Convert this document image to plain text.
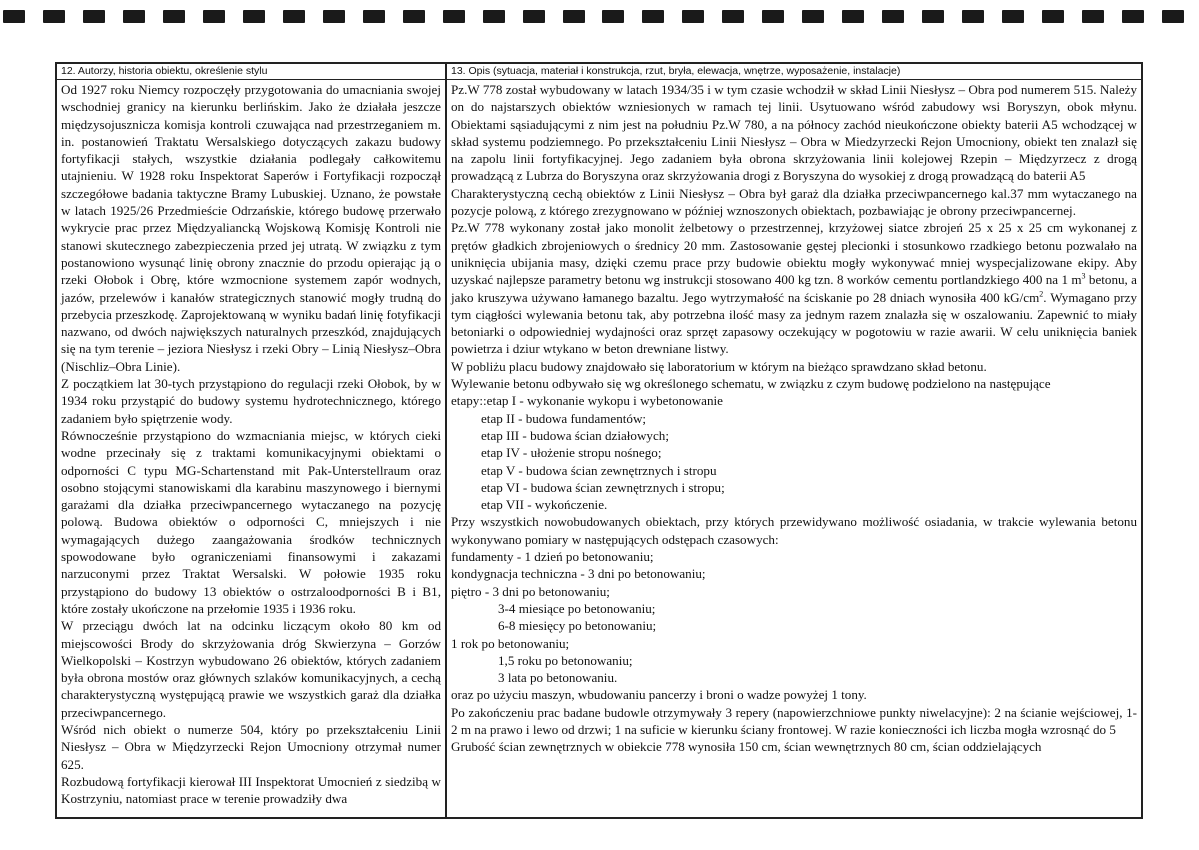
12. Autorzy, historia obiektu, określenie stylu

Od 1927 roku Niemcy rozpoczęły przygotowania do umacniania swojej wschodniej granicy na kierunku berlińskim. Jako że działała jeszcze międzysojusznicza komisja kontroli czuwająca nad przestrzeganiem m. in. postanowień Traktatu Wersalskiego dotyczących zakazu budowy fortyfikacji stałych, wszystkie działania podlegały całkowitemu utajnieniu. W 1928 roku Inspektorat Saperów i Fortyfikacji rozpoczął szczegółowe badania taktyczne Bramy Lubuskiej. Uznano, że powstałe w latach 1925/26 Przedmieście Odrzańskie, którego budowę przerwało wykrycie prac przez Międzyaliancką Wojskową Komisję Kontroli nie stanowi skutecznego zabezpieczenia przed jej utratą. W związku z tym postanowiono wysunąć linię obrony znacznie do przodu opierając ją o rzeki Ołobok i Obrę, które wzmocnione systemem zapór wodnych, jazów, przelewów i kanałów strategicznych stanowić mogły trudną do przebycia przeszkodę. Zaprojektowaną w wyniku badań linię fotyfikacji nazwano, od dwóch największych naturalnych przeszkód, znajdujących się na tym terenie – jeziora Niesłysz i rzeki Obry – Linią Niesłysz–Obra (Nischliz–Obra Linie).

Z początkiem lat 30-tych przystąpiono do regulacji rzeki Ołobok, by w 1934 roku przystąpić do budowy systemu hydrotechnicznego, którego zadaniem było spiętrzenie wody.

Równocześnie przystąpiono do wzmacniania miejsc, w których cieki wodne przecinały się z traktami komunikacyjnymi obiektami o odporności C typu MG-Schartenstand mit Pak-Unterstellraum oraz osobno stojącymi stanowiskami dla karabinu maszynowego i biernymi garażami dla działka przeciwpancernego wytaczanego na pozycję polową. Budowa obiektów o odporności C, mniejszych i nie wymagających dużego zaangażowania środków technicznych spowodowane było ograniczeniami finansowymi i zakazami narzuconymi przez Traktat Wersalski. W połowie 1935 roku przystąpiono do budowy 13 obiektów o ostrzaloodporności B i B1, które zostały ukończone na przełomie 1935 i 1936 roku.

W przeciągu dwóch lat na odcinku liczącym około 80 km od miejscowości Brody do skrzyżowania dróg Skwierzyna – Gorzów Wielkopolski – Kostrzyn wybudowano 26 obiektów, których zadaniem była obrona mostów oraz głównych szlaków komunikacyjnych, a cechą charakterystyczną występującą prawie we wszystkich garaż dla działka przeciwpancernego.

Wśród nich obiekt o numerze 504, który po przekształceniu Linii Niesłysz – Obra w Międzyrzecki Rejon Umocniony otrzymał numer 625.

Rozbudową fortyfikacji kierował III Inspektorat Umocnień z siedzibą w Kostrzyniu, natomiast prace w terenie prowadziły dwa

13. Opis (sytuacja, materiał i konstrukcja, rzut, bryła, elewacja, wnętrze, wyposażenie, instalacje)

Pz.W 778 został wybudowany w latach 1934/35 i w tym czasie wchodził w skład Linii Niesłysz – Obra pod numerem 515. Należy on do najstarszych obiektów wzniesionych w ramach tej linii. Usytuowano wśród zabudowy wsi Boryszyn, obok młynu. Obiektami sąsiadującymi z nim jest na południu Pz.W 780, a na północy zachód nieukończone obiekty baterii A5 wchodzącej w skład systemu podziemnego. Po przekształceniu Linii Niesłysz – Obra w Miedzyrzecki Rejon Umocniony, obiekt ten znalazł się na zapolu linii fortyfikacyjnej. Jego zadaniem była obrona skrzyżowania linii kolejowej Rzepin – Międzyrzecz z drogą prowadzącą z Lubrza do Boryszyna oraz skrzyżowania drogi z Boryszyna do wysokiej z drogą prowadzącą do baterii A5

Charakterystyczną cechą obiektów z Linii Niesłysz – Obra był garaż dla działka przeciwpancernego kal.37 mm wytaczanego na pozycje polową, z którego zrezygnowano w później wznoszonych obiektach, pozbawiając je obrony przeciwpancernej.

Pz.W 778 wykonany został jako monolit żelbetowy o przestrzennej, krzyżowej siatce zbrojeń 25 x 25 x 25 cm wykonanej z prętów gładkich zbrojeniowych o średnicy 20 mm. Zastosowanie gęstej plecionki i stosunkowo rzadkiego betonu pozwalało na uniknięcia ubijania masy, dzięki czemu prace przy budowie obiektu mogły wykonywać mniej wyspecjalizowane ekipy. Aby uzyskać najlepsze parametry betonu wg instrukcji stosowano 400 kg tzn. 8 worków cementu portlandzkiego 400 na 1 $m^3$ betonu, a jako kruszywa używano łamanego bazaltu. Jego wytrzymałość na ściskanie po 28 dniach wynosiła 400 $kG/cm^2$. Wymagano przy tym ciągłości wylewania betonu tak, aby potrzebna ilość masy za jednym razem znalazła się w oszalowaniu. Zapewnić to miały betoniarki o odpowiedniej wydajności oraz sprzęt zapasowy oczekujący w pogotowiu w razie awarii. W celu uniknięcia baniek powietrza i dziur wtykano w beton drewniane listwy.

W pobliżu placu budowy znajdowało się laboratorium w którym na bieżąco sprawdzano skład betonu.

Wylewanie betonu odbywało się wg określonego schematu, w związku z czym budowę podzielono na następujące

etapy::etap I - wykonanie wykopu i wybetonowanie

etap II - budowa fundamentów;

etap III - budowa ścian działowych;

etap IV - ułożenie stropu nośnego;

etap V - budowa ścian zewnętrznych i stropu

etap VI - budowa ścian zewnętrznych i stropu;

etap VII - wykończenie.

Przy wszystkich nowobudowanych obiektach, przy których przewidywano możliwość osiadania, w trakcie wylewania betonu wykonywano pomiary w następujących odstępach czasowych:

fundamenty - 1 dzień po betonowaniu;

kondygnacja techniczna - 3 dni po betonowaniu;

piętro - 3 dni po betonowaniu;

3-4 miesiące po betonowaniu;

6-8 miesięcy po betonowaniu;

1 rok po betonowaniu;

1,5 roku po betonowaniu;

3 lata po betonowaniu.

oraz po użyciu maszyn, wbudowaniu pancerzy i broni o wadze powyżej 1 tony.

Po zakończeniu prac badane budowle otrzymywały 3 repery (napowierzchniowe punkty niwelacyjne): 2 na ścianie wejściowej, 1-2 m na prawo i lewo od drzwi; 1 na suficie w kierunku ściany frontowej. W razie konieczności ich liczba mogła wzrosnąć do 5

Grubość ścian zewnętrznych w obiekcie 778 wynosiła 150 cm, ścian wewnętrznych 80 cm, ścian oddzielających
